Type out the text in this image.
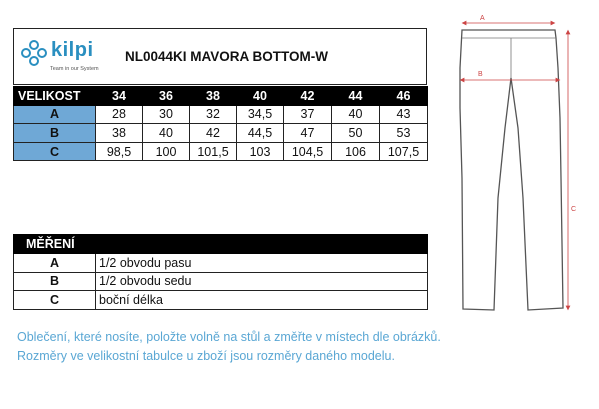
kilpi
Team in our System
NL0044KI MAVORA BOTTOM-W
VELIKOST	34	36	38	40	42	44	46
A	28	30	32	34,5	37	40	43
B	38	40	42	44,5	47	50	53
C	98,5	100	101,5	103	104,5	106	107,5
MĚŘENÍ	
A	1/2 obvodu pasu
B	1/2 obvodu sedu
C	boční délka
Oblečení, které nosíte, položte volně na stůl a změřte v místech dle obrázků.
Rozměry ve velikostní tabulce u zboží jsou rozměry daného modelu.
A
B
C
